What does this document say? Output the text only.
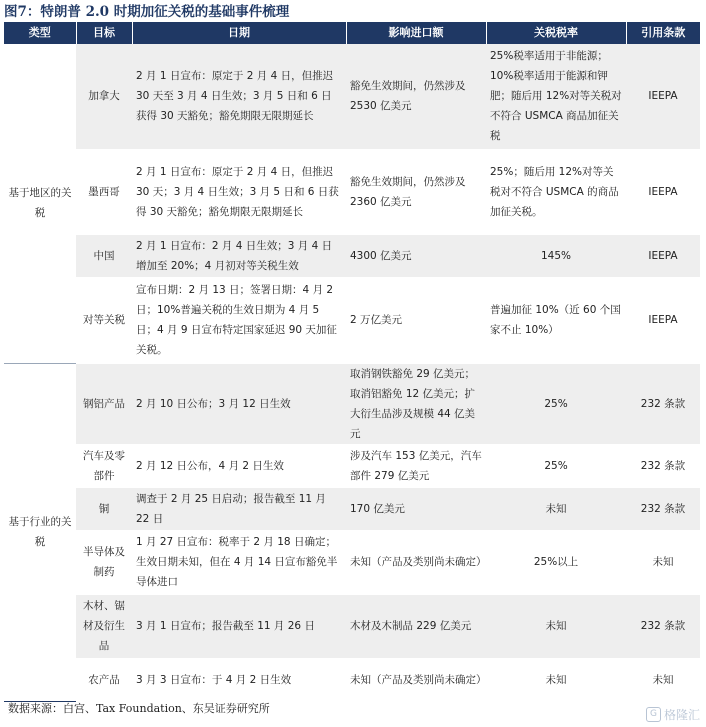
图7：特朗普 2.0 时期加征关税的基础事件梳理
类型	目标	日期	影响进口额	关税税率	引用条款
基于地区的关税	加拿大	2 月 1 日宣布：原定于 2 月 4 日，但推迟 30 天至 3 月 4 日生效；3 月 5 日和 6 日获得 30 天豁免；豁免期限无限期延长	豁免生效期间，仍然涉及 2530 亿美元	25%税率适用于非能源；10%税率适用于能源和钾肥；随后用 12%对等关税对不符合 USMCA 商品加征关税	IEEPA
	墨西哥	2 月 1 日宣布：原定于 2 月 4 日，但推迟 30 天；3 月 4 日生效；3 月 5 日和 6 日获得 30 天豁免；豁免期限无限期延长	豁免生效期间，仍然涉及 2360 亿美元	25%；随后用 12%对等关税对不符合 USMCA 的商品加征关税。	IEEPA
	中国	2 月 1 日宣布：2 月 4 日生效；3 月 4 日增加至 20%；4 月初对等关税生效	4300 亿美元	145%	IEEPA
	对等关税	宣布日期：2 月 13 日；签署日期：4 月 2 日；10%普遍关税的生效日期为 4 月 5 日；4 月 9 日宣布特定国家延迟 90 天加征关税。	2 万亿美元	普遍加征 10%（近 60 个国家不止 10%）	IEEPA
基于行业的关税	钢铝产品	2 月 10 日公布；3 月 12 日生效	取消钢铁豁免 29 亿美元；取消铝豁免 12 亿美元；扩大衍生品涉及规模 44 亿美元	25%	232 条款
	汽车及零部件	2 月 12 日公布，4 月 2 日生效	涉及汽车 153 亿美元，汽车部件 279 亿美元	25%	232 条款
	铜	调查于 2 月 25 日启动；报告截至 11 月 22 日	170 亿美元	未知	232 条款
	半导体及制药	1 月 27 日宣布：税率于 2 月 18 日确定；生效日期未知，但在 4 月 14 日宣布豁免半导体进口	未知（产品及类别尚未确定）	25%以上	未知
	木材、锯材及衍生品	3 月 1 日宣布；报告截至 11 月 26 日	木材及木制品 229 亿美元	未知	232 条款
	农产品	3 月 3 日宣布：于 4 月 2 日生效	未知（产品及类别尚未确定）	未知	未知
数据来源：白宫、Tax Foundation、东吴证券研究所	G 格隆汇
